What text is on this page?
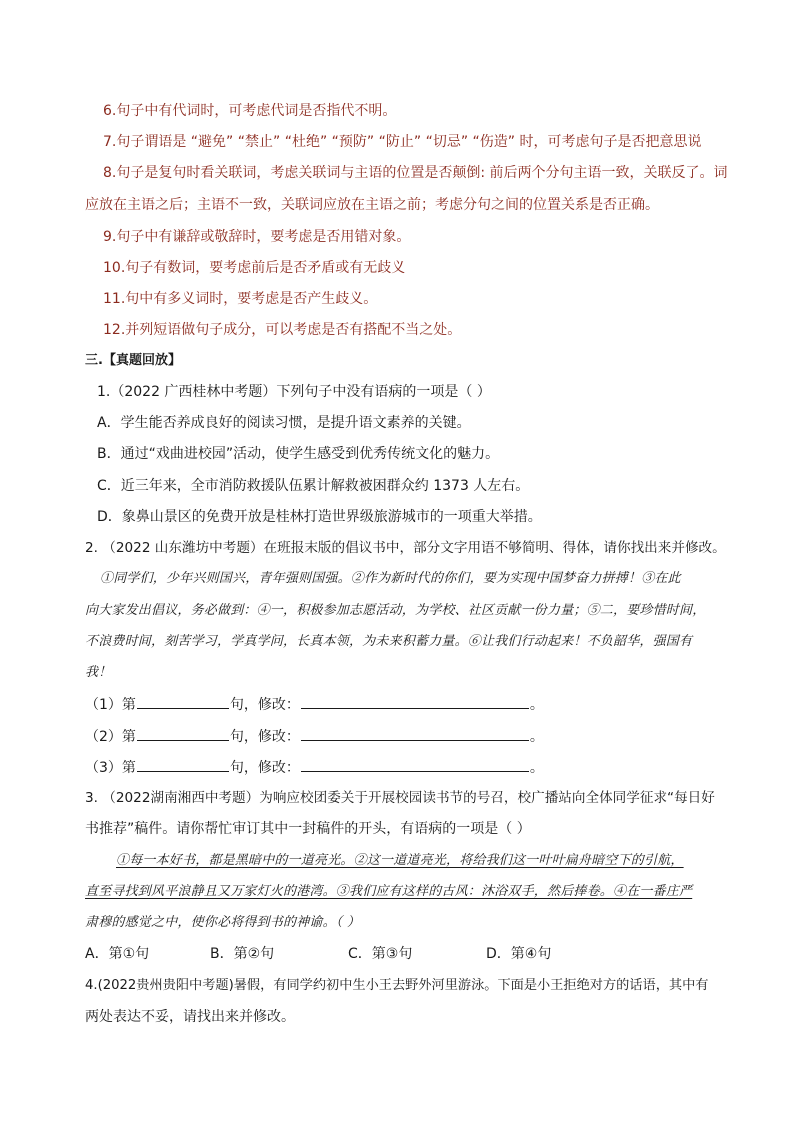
6.句子中有代词时，可考虑代词是否指代不明。
7.句子谓语是 “避免” “禁止” “杜绝” “预防” “防止” “切忌” “伤造” 时，可考虑句子是否把意思说
8.句子是复句时看关联词，考虑关联词与主语的位置是否颠倒: 前后两个分句主语一致，关联反了。词
应放在主语之后；主语不一致，关联词应放在主语之前；考虑分句之间的位置关系是否正确。
9.句子中有谦辞或敬辞时，要考虑是否用错对象。
10.句子有数词，要考虑前后是否矛盾或有无歧义
11.句中有多义词时，要考虑是否产生歧义。
12.并列短语做句子成分，可以考虑是否有搭配不当之处。
三.【真题回放】
1.（2022 广西桂林中考题）下列句子中没有语病的一项是（ ）
A．学生能否养成良好的阅读习惯，是提升语文素养的关键。
B．通过“戏曲进校园”活动，使学生感受到优秀传统文化的魅力。
C．近三年来，全市消防救援队伍累计解救被困群众约 1373 人左右。
D．象鼻山景区的免费开放是桂林打造世界级旅游城市的一项重大举措。
2. （2022 山东潍坊中考题）在班报末版的倡议书中，部分文字用语不够简明、得体，请你找出来并修改。
①同学们，少年兴则国兴，青年强则国强。②作为新时代的你们，要为实现中国梦奋力拼搏！③在此
向大家发出倡议，务必做到：④一，积极参加志愿活动，为学校、社区贡献一份力量；⑤二，要珍惜时间，
不浪费时间，刻苦学习，学真学问，长真本领，为未来积蓄力量。⑥让我们行动起来！不负韶华，强国有
我！
（1）第	句，修改：	。
（2）第	句，修改：	。
（3）第	句，修改：	。
3. （2022湖南湘西中考题）为响应校团委关于开展校园读书节的号召，校广播站向全体同学征求“每日好
书推荐”稿件。请你帮忙审订其中一封稿件的开头，有语病的一项是（ ）
①每一本好书，都是黑暗中的一道亮光。②这一道道亮光，将给我们这一叶叶扁舟暗空下的引航，
直至寻找到风平浪静且又万家灯火的港湾。③我们应有这样的古风：沐浴双手，然后捧卷。④在一番庄严
肃穆的感觉之中，使你必将得到书的神谕。（ ）
A．第①句	B．第②句	C．第③句	D．第④句
4.(2022贵州贵阳中考题)暑假，有同学约初中生小王去野外河里游泳。下面是小王拒绝对方的话语，其中有
两处表达不妥，请找出来并修改。
